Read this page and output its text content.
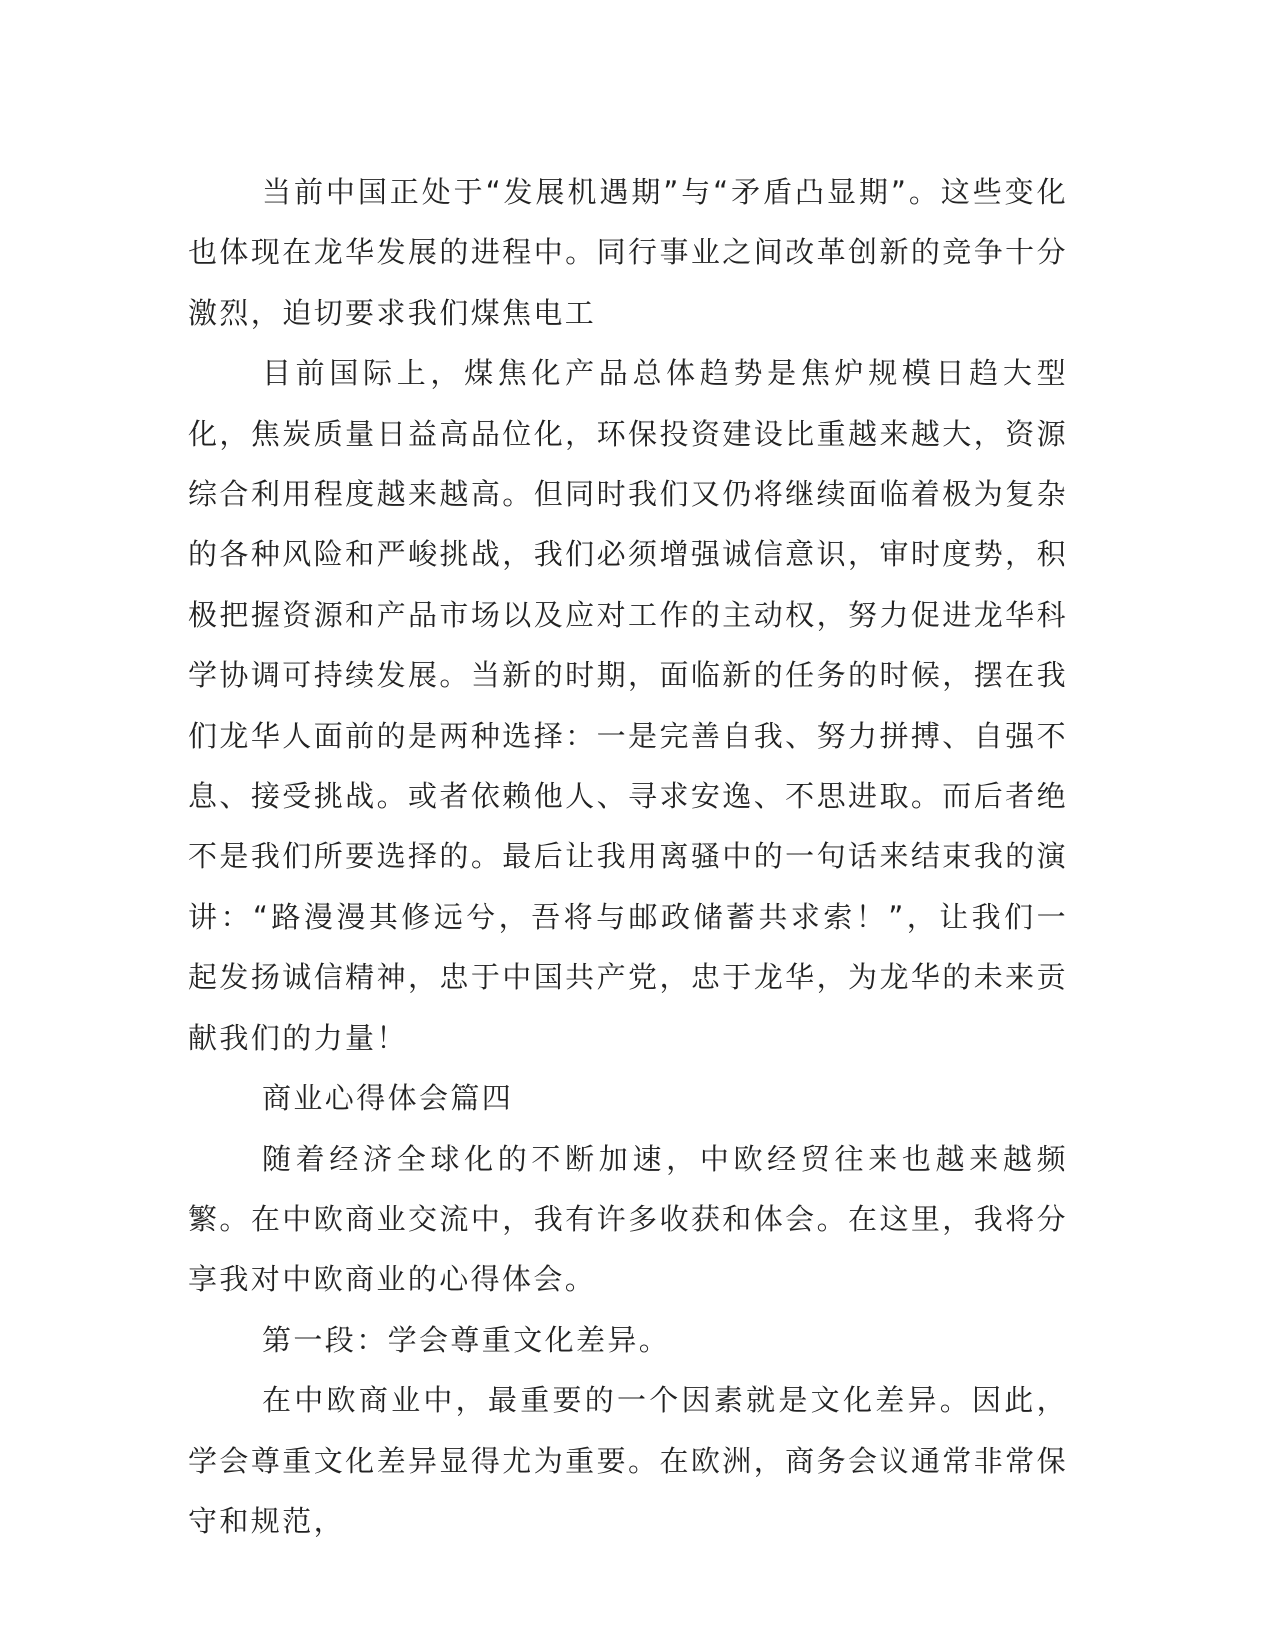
当前中国正处于“发展机遇期”与“矛盾凸显期”。这些变化也体现在龙华发展的进程中。同行事业之间改革创新的竞争十分激烈，迫切要求我们煤焦电工

目前国际上，煤焦化产品总体趋势是焦炉规模日趋大型化，焦炭质量日益高品位化，环保投资建设比重越来越大，资源综合利用程度越来越高。但同时我们又仍将继续面临着极为复杂的各种风险和严峻挑战，我们必须增强诚信意识，审时度势，积极把握资源和产品市场以及应对工作的主动权，努力促进龙华科学协调可持续发展。当新的时期，面临新的任务的时候，摆在我们龙华人面前的是两种选择：一是完善自我、努力拼搏、自强不息、接受挑战。或者依赖他人、寻求安逸、不思进取。而后者绝不是我们所要选择的。最后让我用离骚中的一句话来结束我的演讲：“路漫漫其修远兮，吾将与邮政储蓄共求索！”，让我们一起发扬诚信精神，忠于中国共产党，忠于龙华，为龙华的未来贡献我们的力量！

商业心得体会篇四

随着经济全球化的不断加速，中欧经贸往来也越来越频繁。在中欧商业交流中，我有许多收获和体会。在这里，我将分享我对中欧商业的心得体会。

第一段：学会尊重文化差异。

在中欧商业中，最重要的一个因素就是文化差异。因此，学会尊重文化差异显得尤为重要。在欧洲，商务会议通常非常保守和规范，
